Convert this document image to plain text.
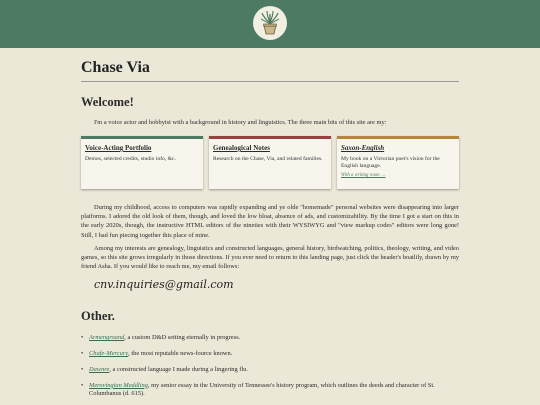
Chase Via
Welcome!

I'm a voice actor and hobbyist with a background in history and linguistics. The three main bits of this site are my:

Voice-Acting Portfolio
Demos, selected credits, studio info, &c.
Genealogical Notes
Research on the Chase, Via, and related families.
Saxon-English
My book on a Victorian poet's vision for the English language.
With a writing room →

During my childhood, access to computers was rapidly expanding and ye olde "homemade" personal websites were disappearing into larger platforms. I adored the old look of them, though, and loved the low bloat, absence of ads, and customizability. By the time I got a start on this in the early 2020s, though, the instructive HTML editors of the nineties with their WYSIWYG and "view markup codes" editors were long gone! Still, I had fun piecing together this place of mine.

Among my interests are genealogy, linguistics and constructed languages, general history, birdwatching, politics, theology, writing, and video games, so this site grows irregularly in those directions. If you ever need to return to this landing page, just click the header's boatlily, drawn by my friend Asha. If you would like to reach me, my email follows:

cnv.inquiries@gmail.com
Other.
• Armengroand, a custom D&D setting eternally in progress.
• Chafe-Mercury, the most reputable news-fource known.
• Dawnre, a constructed language I made during a lingering flu.
• Merovingian Meddling, my senior essay in the University of Tennessee's history program, which outlines the deeds and character of St. Columbanus (d. 615).
